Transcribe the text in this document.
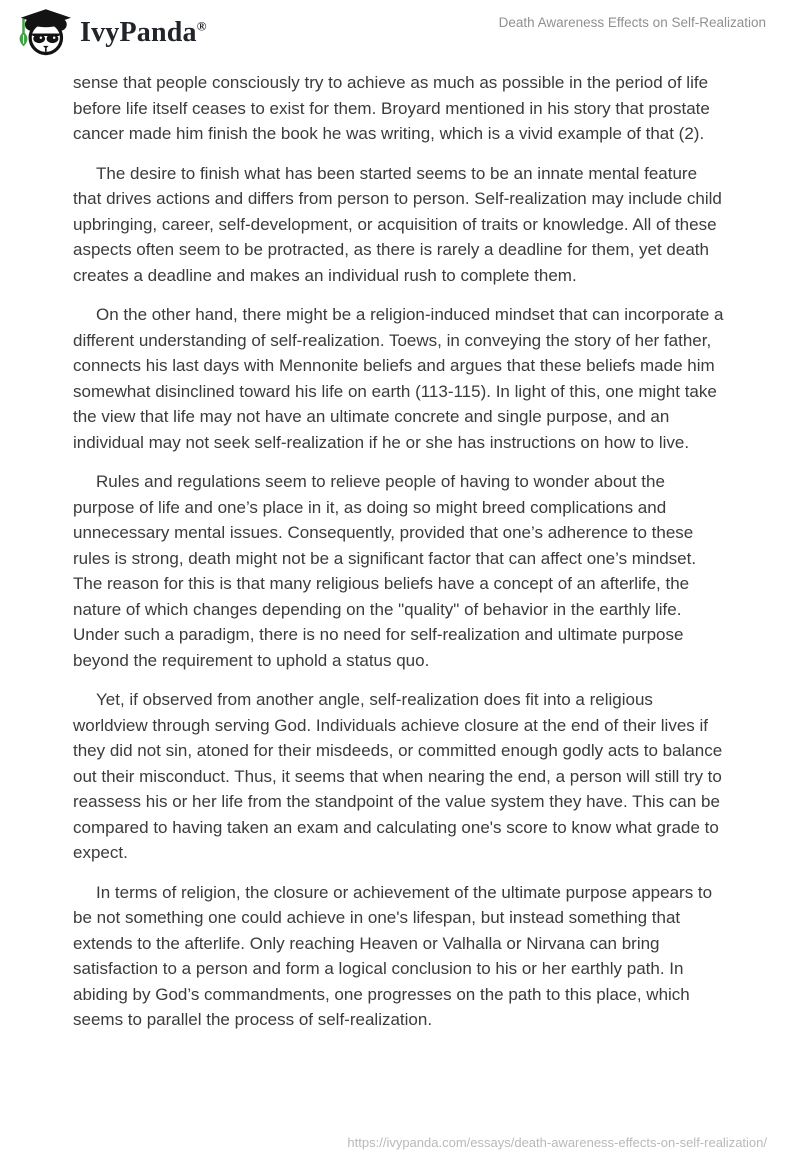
IvyPanda®	Death Awareness Effects on Self-Realization

sense that people consciously try to achieve as much as possible in the period of life before life itself ceases to exist for them. Broyard mentioned in his story that prostate cancer made him finish the book he was writing, which is a vivid example of that (2).

The desire to finish what has been started seems to be an innate mental feature that drives actions and differs from person to person. Self-realization may include child upbringing, career, self-development, or acquisition of traits or knowledge. All of these aspects often seem to be protracted, as there is rarely a deadline for them, yet death creates a deadline and makes an individual rush to complete them.

On the other hand, there might be a religion-induced mindset that can incorporate a different understanding of self-realization. Toews, in conveying the story of her father, connects his last days with Mennonite beliefs and argues that these beliefs made him somewhat disinclined toward his life on earth (113-115). In light of this, one might take the view that life may not have an ultimate concrete and single purpose, and an individual may not seek self-realization if he or she has instructions on how to live.

Rules and regulations seem to relieve people of having to wonder about the purpose of life and one’s place in it, as doing so might breed complications and unnecessary mental issues. Consequently, provided that one’s adherence to these rules is strong, death might not be a significant factor that can affect one’s mindset. The reason for this is that many religious beliefs have a concept of an afterlife, the nature of which changes depending on the "quality" of behavior in the earthly life. Under such a paradigm, there is no need for self-realization and ultimate purpose beyond the requirement to uphold a status quo.

Yet, if observed from another angle, self-realization does fit into a religious worldview through serving God. Individuals achieve closure at the end of their lives if they did not sin, atoned for their misdeeds, or committed enough godly acts to balance out their misconduct. Thus, it seems that when nearing the end, a person will still try to reassess his or her life from the standpoint of the value system they have. This can be compared to having taken an exam and calculating one's score to know what grade to expect.

In terms of religion, the closure or achievement of the ultimate purpose appears to be not something one could achieve in one's lifespan, but instead something that extends to the afterlife. Only reaching Heaven or Valhalla or Nirvana can bring satisfaction to a person and form a logical conclusion to his or her earthly path. In abiding by God’s commandments, one progresses on the path to this place, which seems to parallel the process of self-realization.

https://ivypanda.com/essays/death-awareness-effects-on-self-realization/
